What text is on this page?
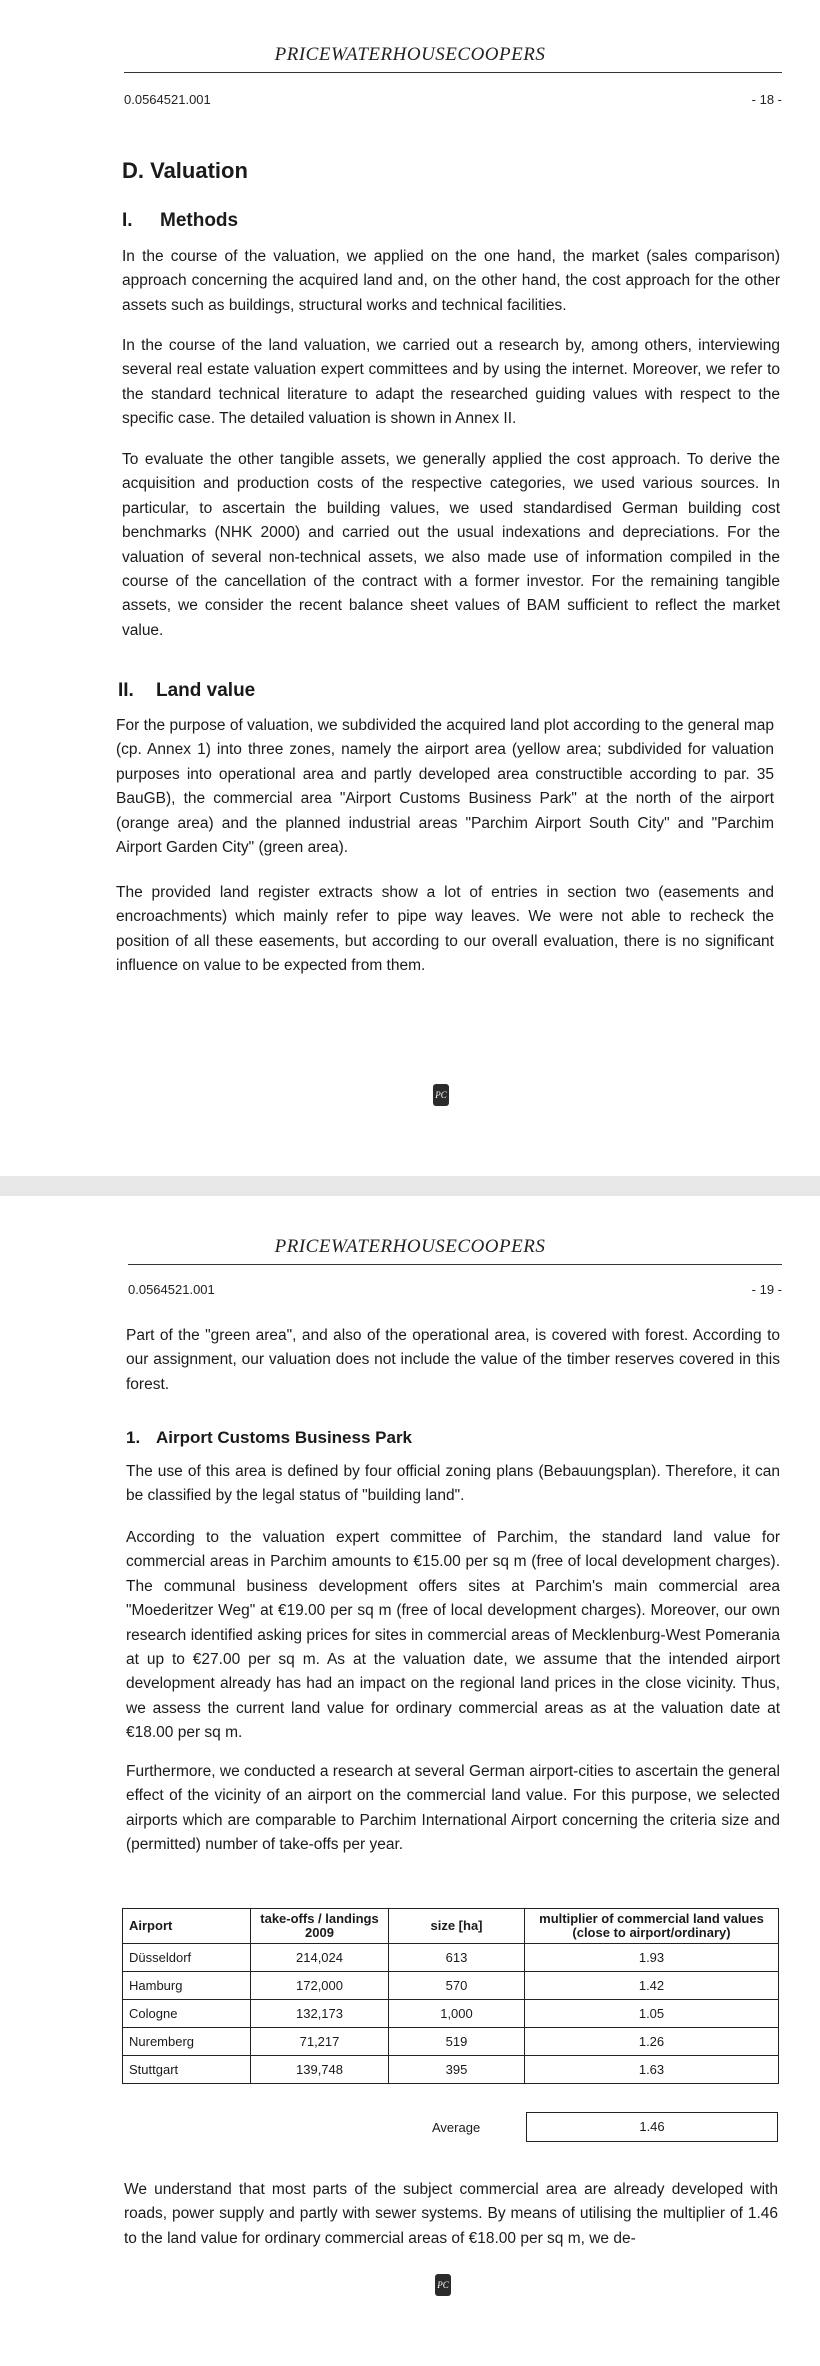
PRICEWATERHOUSECOOPERS
0.0564521.001	- 18 -
D. Valuation
I. Methods

In the course of the valuation, we applied on the one hand, the market (sales comparison) approach concerning the acquired land and, on the other hand, the cost approach for the other assets such as buildings, structural works and technical facilities.

In the course of the land valuation, we carried out a research by, among others, interviewing several real estate valuation expert committees and by using the internet. Moreover, we refer to the standard technical literature to adapt the researched guiding values with respect to the specific case. The detailed valuation is shown in Annex II.

To evaluate the other tangible assets, we generally applied the cost approach. To derive the acquisition and production costs of the respective categories, we used various sources. In particular, to ascertain the building values, we used standardised German building cost benchmarks (NHK 2000) and carried out the usual indexations and depreciations. For the valuation of several non-technical assets, we also made use of information compiled in the course of the cancellation of the contract with a former investor. For the remaining tangible assets, we consider the recent balance sheet values of BAM sufficient to reflect the market value.

II. Land value

For the purpose of valuation, we subdivided the acquired land plot according to the general map (cp. Annex 1) into three zones, namely the airport area (yellow area; subdivided for valuation purposes into operational area and partly developed area constructible according to par. 35 BauGB), the commercial area "Airport Customs Business Park" at the north of the airport (orange area) and the planned industrial areas "Parchim Airport South City" and "Parchim Airport Garden City" (green area).

The provided land register extracts show a lot of entries in section two (easements and encroachments) which mainly refer to pipe way leaves. We were not able to recheck the position of all these easements, but according to our overall evaluation, there is no significant influence on value to be expected from them.

PC
PRICEWATERHOUSECOOPERS
0.0564521.001	- 19 -

Part of the "green area", and also of the operational area, is covered with forest. According to our assignment, our valuation does not include the value of the timber reserves covered in this forest.

1. Airport Customs Business Park

The use of this area is defined by four official zoning plans (Bebauungsplan). Therefore, it can be classified by the legal status of "building land".

According to the valuation expert committee of Parchim, the standard land value for commercial areas in Parchim amounts to €15.00 per sq m (free of local development charges). The communal business development offers sites at Parchim's main commercial area "Moederitzer Weg" at €19.00 per sq m (free of local development charges). Moreover, our own research identified asking prices for sites in commercial areas of Mecklenburg-West Pomerania at up to €27.00 per sq m. As at the valuation date, we assume that the intended airport development already has had an impact on the regional land prices in the close vicinity. Thus, we assess the current land value for ordinary commercial areas as at the valuation date at €18.00 per sq m.

Furthermore, we conducted a research at several German airport-cities to ascertain the general effect of the vicinity of an airport on the commercial land value. For this purpose, we selected airports which are comparable to Parchim International Airport concerning the criteria size and (permitted) number of take-offs per year.

Airport	take-offs / landings 2009	size [ha]	multiplier of commercial land values (close to airport/ordinary)
Düsseldorf	214,024	613	1.93
Hamburg	172,000	570	1.42
Cologne	132,173	1,000	1.05
Nuremberg	71,217	519	1.26
Stuttgart	139,748	395	1.63
Average	1.46

We understand that most parts of the subject commercial area are already developed with roads, power supply and partly with sewer systems. By means of utilising the multiplier of 1.46 to the land value for ordinary commercial areas of €18.00 per sq m, we de-

PC
